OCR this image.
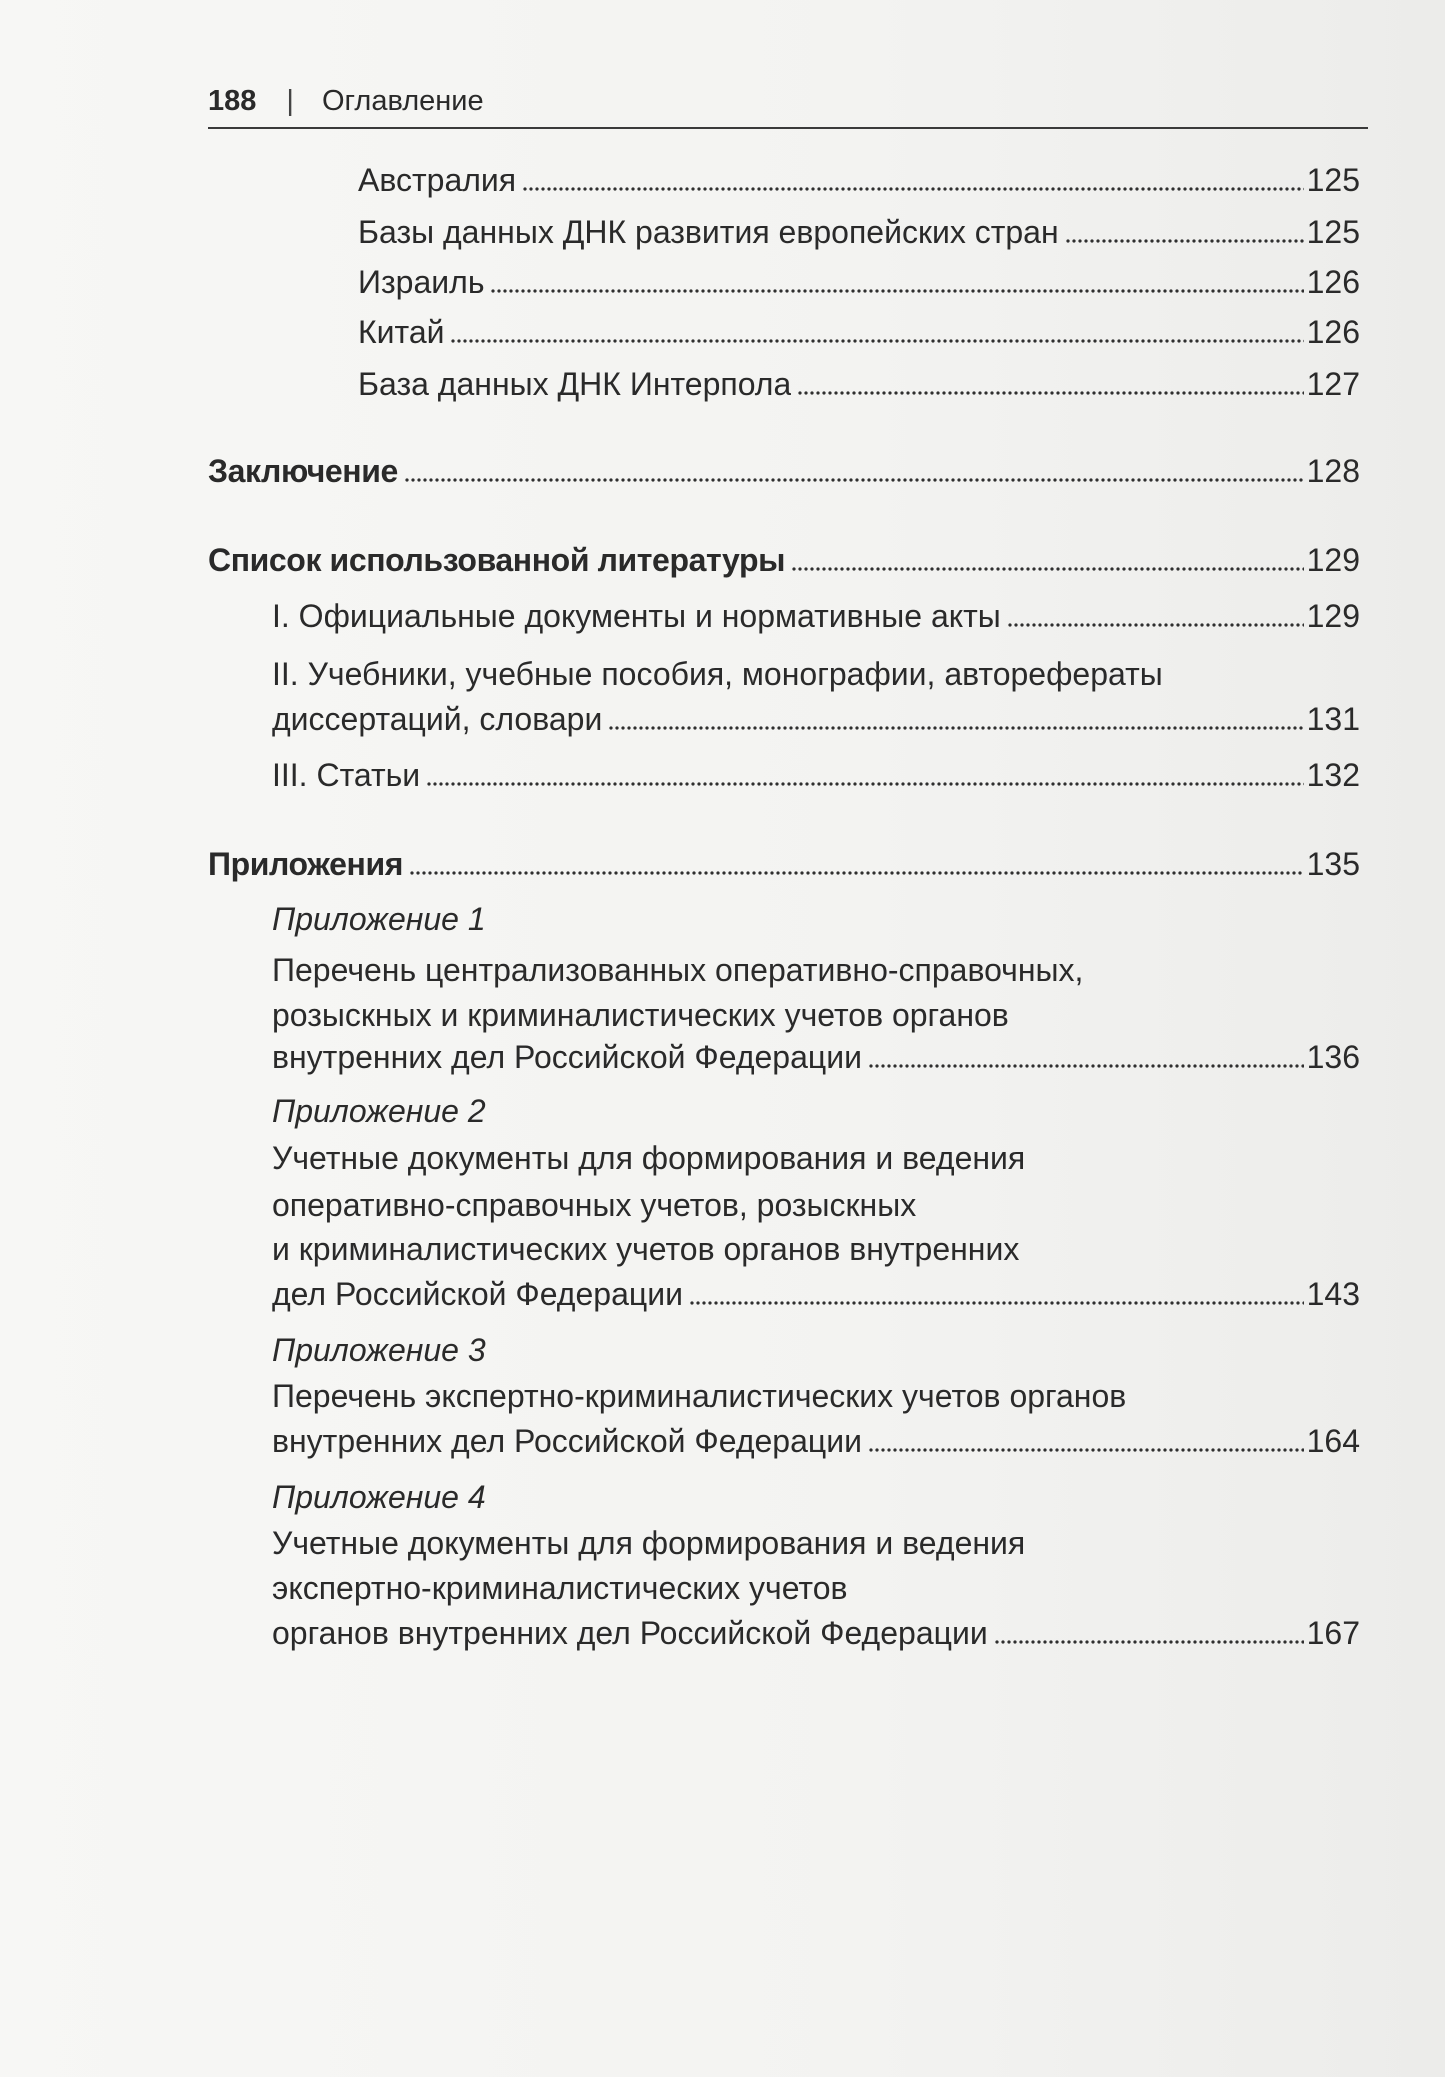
188 | Оглавление
Австралия	125
Базы данных ДНК развития европейских стран	125
Израиль	126
Китай	126
База данных ДНК Интерпола	127
Заключение	128
Список использованной литературы	129
I. Официальные документы и нормативные акты	129
II. Учебники, учебные пособия, монографии, авторефераты
диссертаций, словари	131
III. Статьи	132
Приложения	135
Приложение 1
Перечень централизованных оперативно-справочных,
розыскных и криминалистических учетов органов
внутренних дел Российской Федерации	136
Приложение 2
Учетные документы для формирования и ведения
оперативно-справочных учетов, розыскных
и криминалистических учетов органов внутренних
дел Российской Федерации	143
Приложение 3
Перечень экспертно-криминалистических учетов органов
внутренних дел Российской Федерации	164
Приложение 4
Учетные документы для формирования и ведения
экспертно-криминалистических учетов
органов внутренних дел Российской Федерации	167
